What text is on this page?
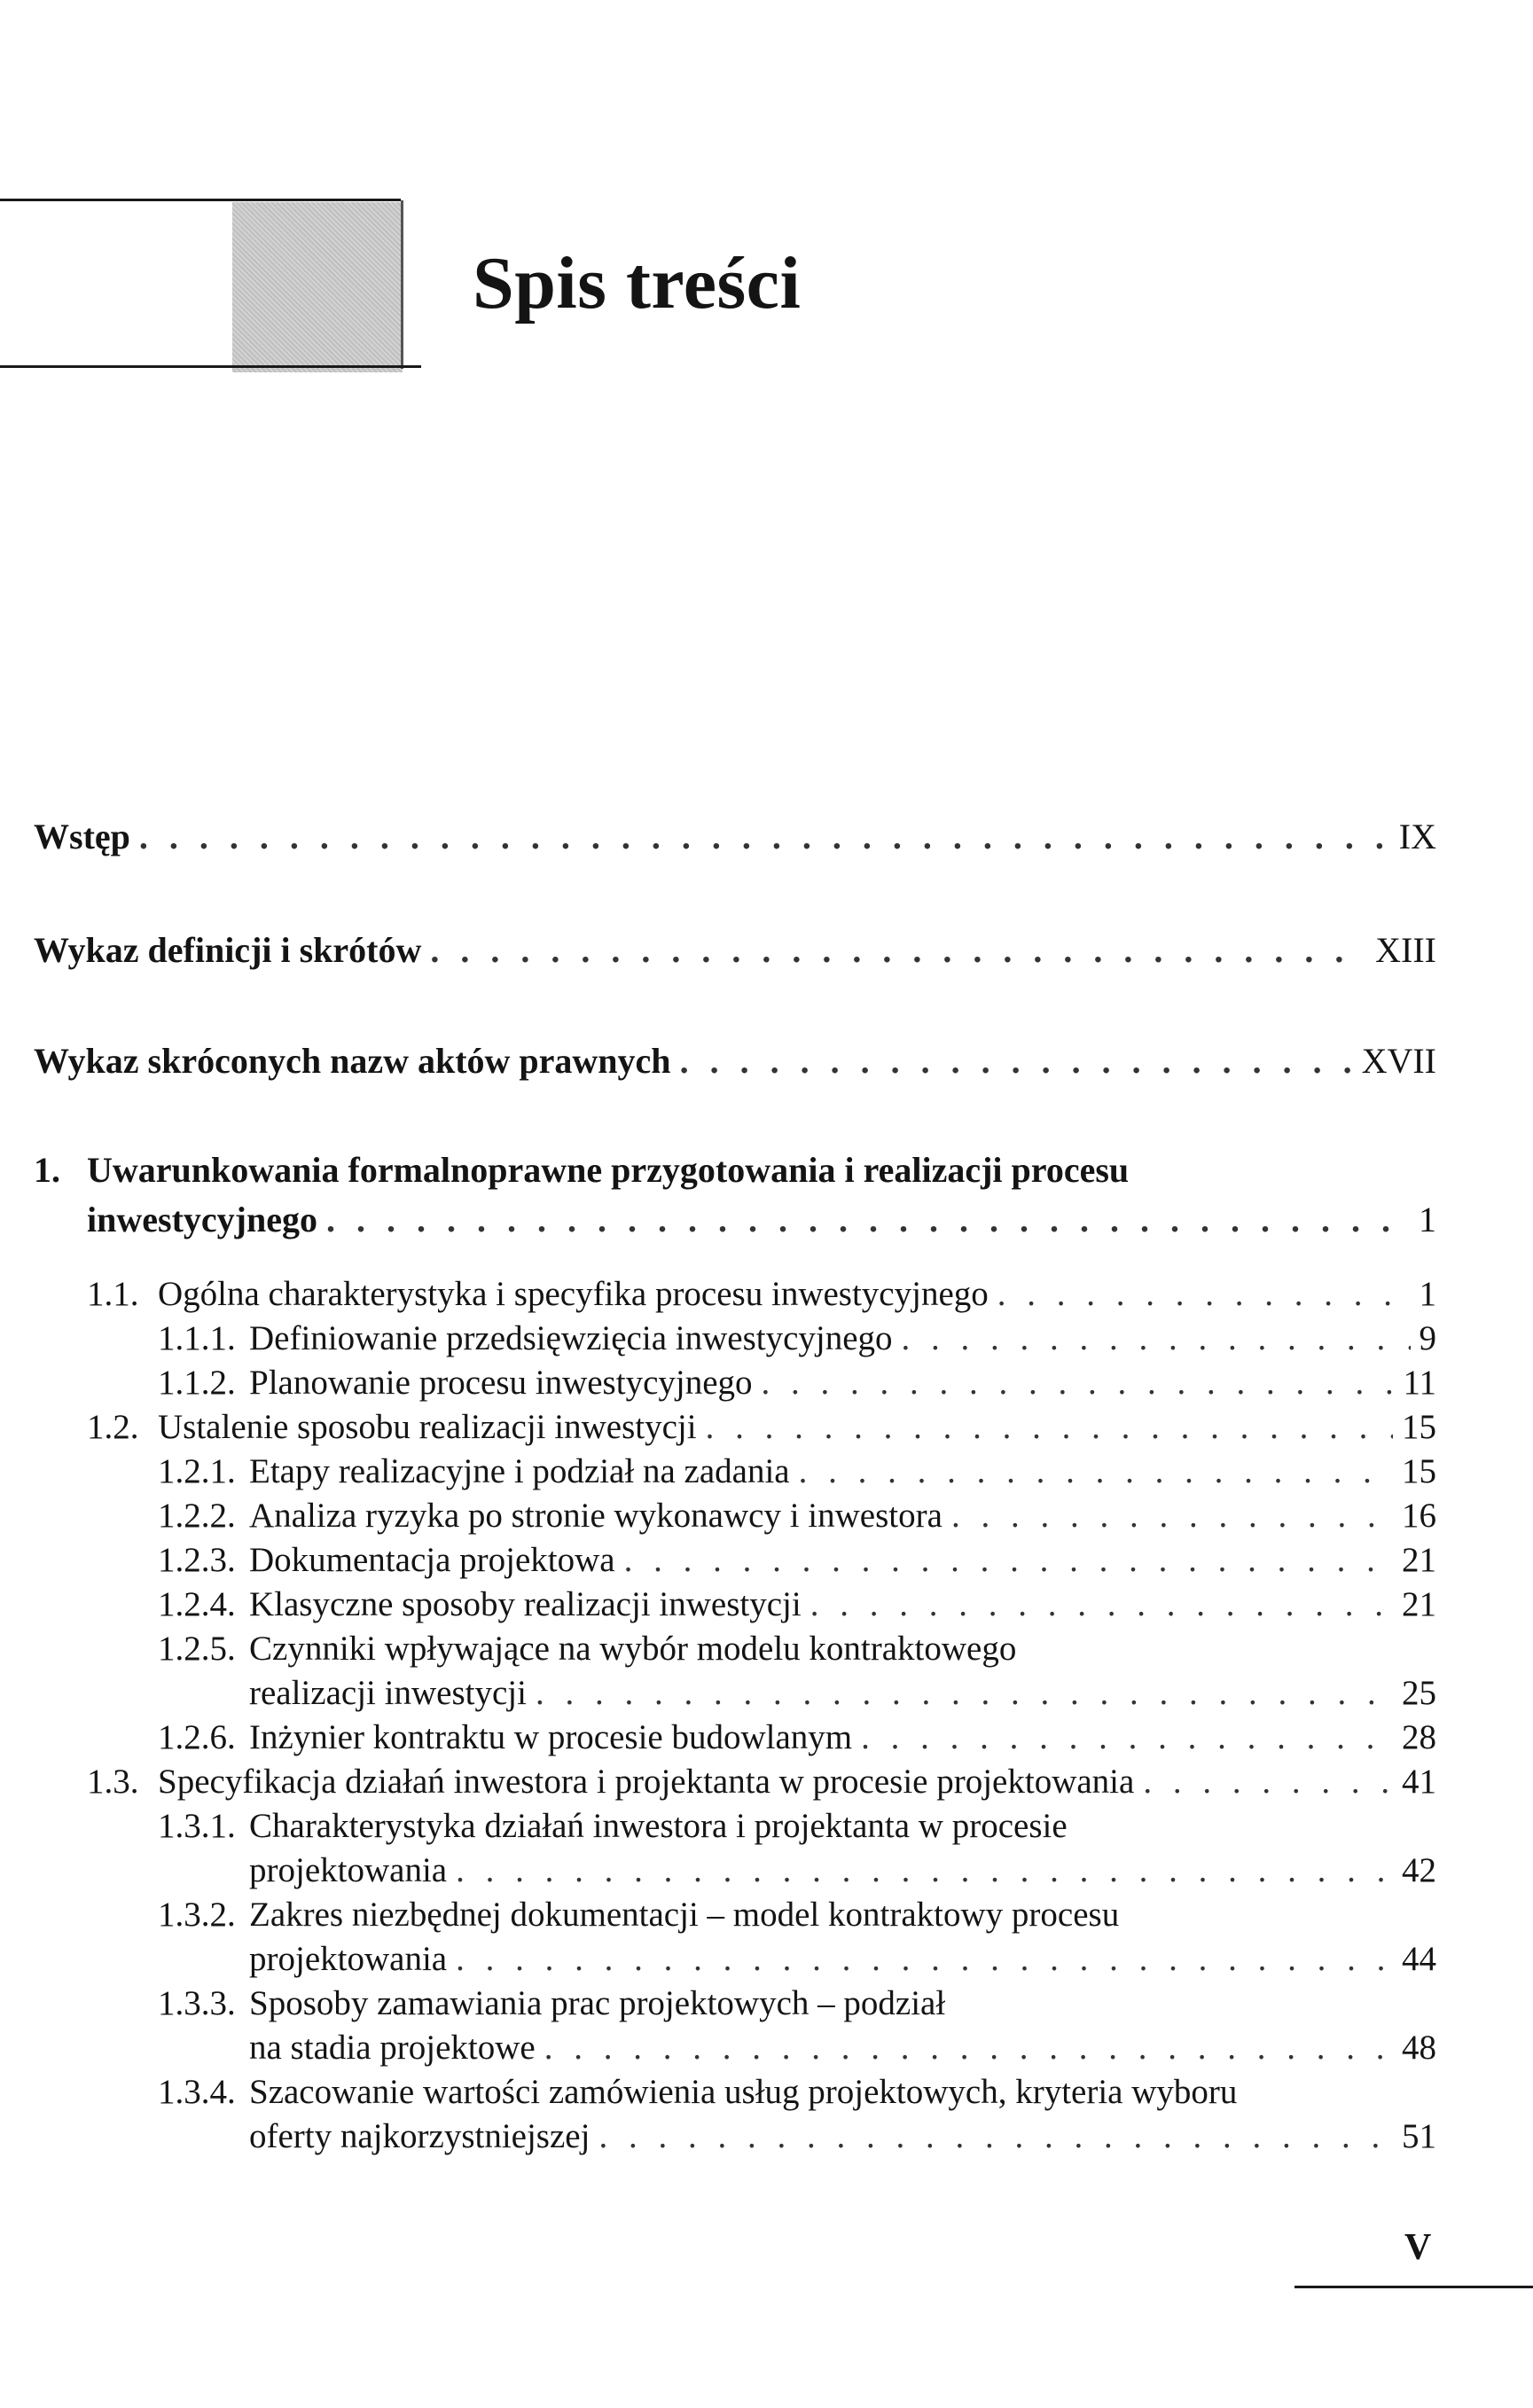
Spis treści
Wstęp . . .	IX
Wykaz definicji i skrótów . . .	XIII
Wykaz skróconych nazw aktów prawnych . . .	XVII
1. Uwarunkowania formalnoprawne przygotowania i realizacji procesu
inwestycyjnego . . .	1
1.1. Ogólna charakterystyka i specyfika procesu inwestycyjnego . . .	1
1.1.1. Definiowanie przedsięwzięcia inwestycyjnego . . .	9
1.1.2. Planowanie procesu inwestycyjnego . . .	11
1.2. Ustalenie sposobu realizacji inwestycji . . .	15
1.2.1. Etapy realizacyjne i podział na zadania . . .	15
1.2.2. Analiza ryzyka po stronie wykonawcy i inwestora . . .	16
1.2.3. Dokumentacja projektowa . . .	21
1.2.4. Klasyczne sposoby realizacji inwestycji . . .	21
1.2.5. Czynniki wpływające na wybór modelu kontraktowego
realizacji inwestycji . . .	25
1.2.6. Inżynier kontraktu w procesie budowlanym . . .	28
1.3. Specyfikacja działań inwestora i projektanta w procesie projektowania . . .	41
1.3.1. Charakterystyka działań inwestora i projektanta w procesie
projektowania . . .	42
1.3.2. Zakres niezbędnej dokumentacji – model kontraktowy procesu
projektowania . . .	44
1.3.3. Sposoby zamawiania prac projektowych – podział
na stadia projektowe . . .	48
1.3.4. Szacowanie wartości zamówienia usług projektowych, kryteria wyboru
oferty najkorzystniejszej . . .	51
V
